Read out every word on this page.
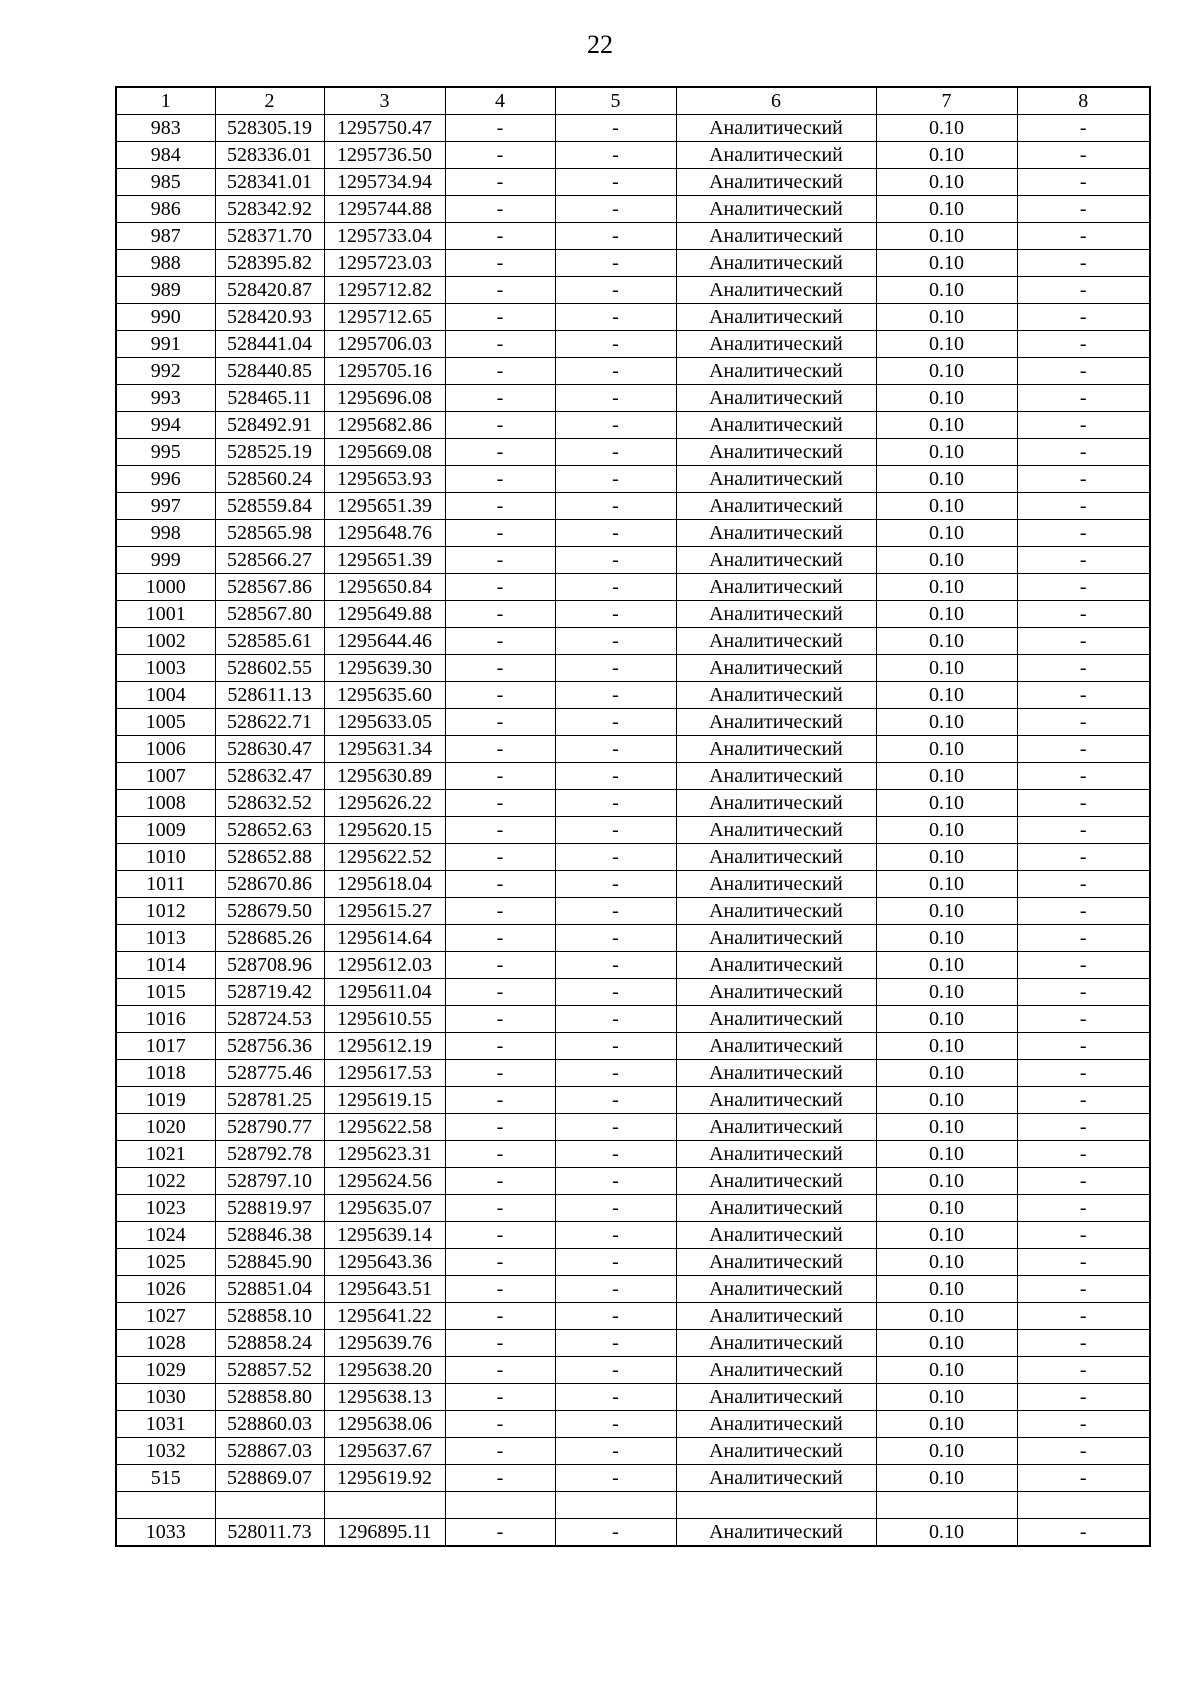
22
1	2	3	4	5	6	7	8
983	528305.19	1295750.47	-	-	Аналитический	0.10	-
984	528336.01	1295736.50	-	-	Аналитический	0.10	-
985	528341.01	1295734.94	-	-	Аналитический	0.10	-
986	528342.92	1295744.88	-	-	Аналитический	0.10	-
987	528371.70	1295733.04	-	-	Аналитический	0.10	-
988	528395.82	1295723.03	-	-	Аналитический	0.10	-
989	528420.87	1295712.82	-	-	Аналитический	0.10	-
990	528420.93	1295712.65	-	-	Аналитический	0.10	-
991	528441.04	1295706.03	-	-	Аналитический	0.10	-
992	528440.85	1295705.16	-	-	Аналитический	0.10	-
993	528465.11	1295696.08	-	-	Аналитический	0.10	-
994	528492.91	1295682.86	-	-	Аналитический	0.10	-
995	528525.19	1295669.08	-	-	Аналитический	0.10	-
996	528560.24	1295653.93	-	-	Аналитический	0.10	-
997	528559.84	1295651.39	-	-	Аналитический	0.10	-
998	528565.98	1295648.76	-	-	Аналитический	0.10	-
999	528566.27	1295651.39	-	-	Аналитический	0.10	-
1000	528567.86	1295650.84	-	-	Аналитический	0.10	-
1001	528567.80	1295649.88	-	-	Аналитический	0.10	-
1002	528585.61	1295644.46	-	-	Аналитический	0.10	-
1003	528602.55	1295639.30	-	-	Аналитический	0.10	-
1004	528611.13	1295635.60	-	-	Аналитический	0.10	-
1005	528622.71	1295633.05	-	-	Аналитический	0.10	-
1006	528630.47	1295631.34	-	-	Аналитический	0.10	-
1007	528632.47	1295630.89	-	-	Аналитический	0.10	-
1008	528632.52	1295626.22	-	-	Аналитический	0.10	-
1009	528652.63	1295620.15	-	-	Аналитический	0.10	-
1010	528652.88	1295622.52	-	-	Аналитический	0.10	-
1011	528670.86	1295618.04	-	-	Аналитический	0.10	-
1012	528679.50	1295615.27	-	-	Аналитический	0.10	-
1013	528685.26	1295614.64	-	-	Аналитический	0.10	-
1014	528708.96	1295612.03	-	-	Аналитический	0.10	-
1015	528719.42	1295611.04	-	-	Аналитический	0.10	-
1016	528724.53	1295610.55	-	-	Аналитический	0.10	-
1017	528756.36	1295612.19	-	-	Аналитический	0.10	-
1018	528775.46	1295617.53	-	-	Аналитический	0.10	-
1019	528781.25	1295619.15	-	-	Аналитический	0.10	-
1020	528790.77	1295622.58	-	-	Аналитический	0.10	-
1021	528792.78	1295623.31	-	-	Аналитический	0.10	-
1022	528797.10	1295624.56	-	-	Аналитический	0.10	-
1023	528819.97	1295635.07	-	-	Аналитический	0.10	-
1024	528846.38	1295639.14	-	-	Аналитический	0.10	-
1025	528845.90	1295643.36	-	-	Аналитический	0.10	-
1026	528851.04	1295643.51	-	-	Аналитический	0.10	-
1027	528858.10	1295641.22	-	-	Аналитический	0.10	-
1028	528858.24	1295639.76	-	-	Аналитический	0.10	-
1029	528857.52	1295638.20	-	-	Аналитический	0.10	-
1030	528858.80	1295638.13	-	-	Аналитический	0.10	-
1031	528860.03	1295638.06	-	-	Аналитический	0.10	-
1032	528867.03	1295637.67	-	-	Аналитический	0.10	-
515	528869.07	1295619.92	-	-	Аналитический	0.10	-

1033	528011.73	1296895.11	-	-	Аналитический	0.10	-
